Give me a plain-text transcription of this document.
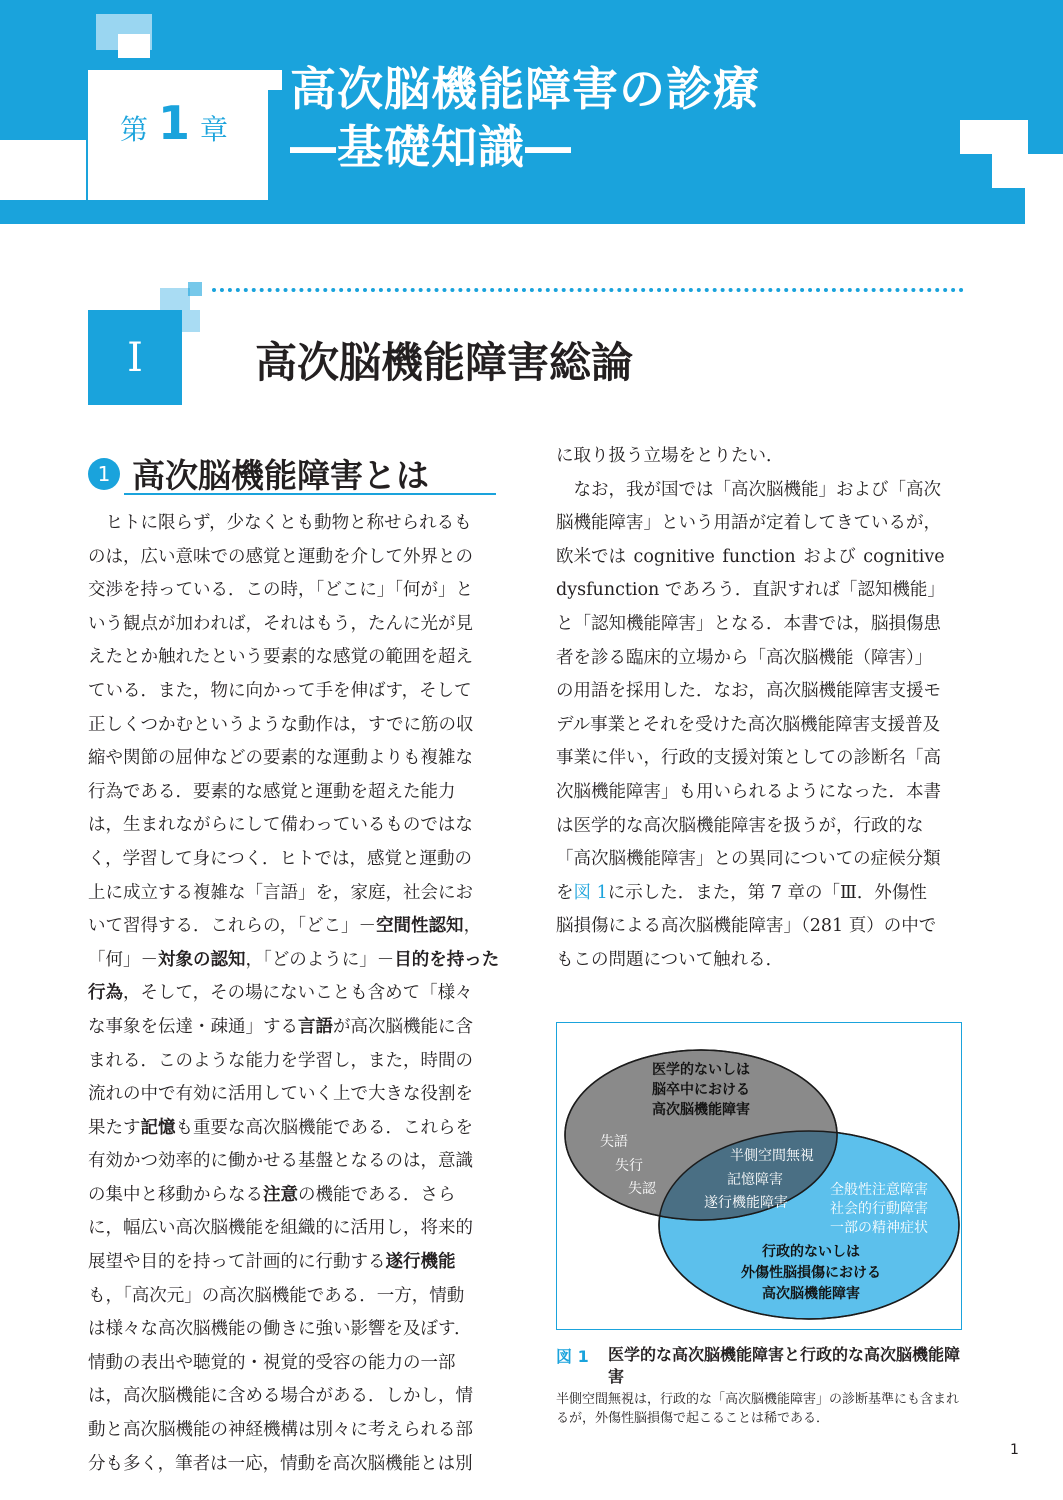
第 1 章
高次脳機能障害の診療
―基礎知識―
I	高次脳機能障害総論
1 高次脳機能障害とは
　ヒトに限らず，少なくとも動物と称せられるも
のは，広い意味での感覚と運動を介して外界との
交渉を持っている．この時，「どこに」「何が」と
いう観点が加われば，それはもう，たんに光が見
えたとか触れたという要素的な感覚の範囲を超え
ている．また，物に向かって手を伸ばす，そして
正しくつかむというような動作は，すでに筋の収
縮や関節の屈伸などの要素的な運動よりも複雑な
行為である．要素的な感覚と運動を超えた能力
は，生まれながらにして備わっているものではな
く，学習して身につく．ヒトでは，感覚と運動の
上に成立する複雑な「言語」を，家庭，社会にお
いて習得する．これらの，「どこ」－空間性認知，
「何」－対象の認知，「どのように」－目的を持った
行為，そして，その場にないことも含めて「様々
な事象を伝達・疎通」する言語が高次脳機能に含
まれる．このような能力を学習し，また，時間の
流れの中で有効に活用していく上で大きな役割を
果たす記憶も重要な高次脳機能である．これらを
有効かつ効率的に働かせる基盤となるのは，意識
の集中と移動からなる注意の機能である．さら
に，幅広い高次脳機能を組織的に活用し，将来的
展望や目的を持って計画的に行動する遂行機能
も，「高次元」の高次脳機能である．一方，情動
は様々な高次脳機能の働きに強い影響を及ぼす．
情動の表出や聴覚的・視覚的受容の能力の一部
は，高次脳機能に含める場合がある．しかし，情
動と高次脳機能の神経機構は別々に考えられる部
分も多く，筆者は一応，情動を高次脳機能とは別
に取り扱う立場をとりたい．
　なお，我が国では「高次脳機能」および「高次
脳機能障害」という用語が定着してきているが，
欧米では cognitive function および cognitive
dysfunction であろう．直訳すれば「認知機能」
と「認知機能障害」となる．本書では，脳損傷患
者を診る臨床的立場から「高次脳機能（障害）」
の用語を採用した．なお，高次脳機能障害支援モ
デル事業とそれを受けた高次脳機能障害支援普及
事業に伴い，行政的支援対策としての診断名「高
次脳機能障害」も用いられるようになった．本書
は医学的な高次脳機能障害を扱うが，行政的な
「高次脳機能障害」との異同についての症候分類
を図 1に示した．また，第 7 章の「Ⅲ．外傷性
脳損傷による高次脳機能障害」（281 頁）の中で
もこの問題について触れる．
医学的ないしは
脳卒中における
高次脳機能障害
失語
失行
失認
半側空間無視
記憶障害
遂行機能障害
全般性注意障害
社会的行動障害
一部の精神症状
行政的ないしは
外傷性脳損傷における
高次脳機能障害
図 1 医学的な高次脳機能障害と行政的な高次脳機能障害
半側空間無視は，行政的な「高次脳機能障害」の診断基準にも含まれるが，外傷性脳損傷で起こることは稀である．
1
